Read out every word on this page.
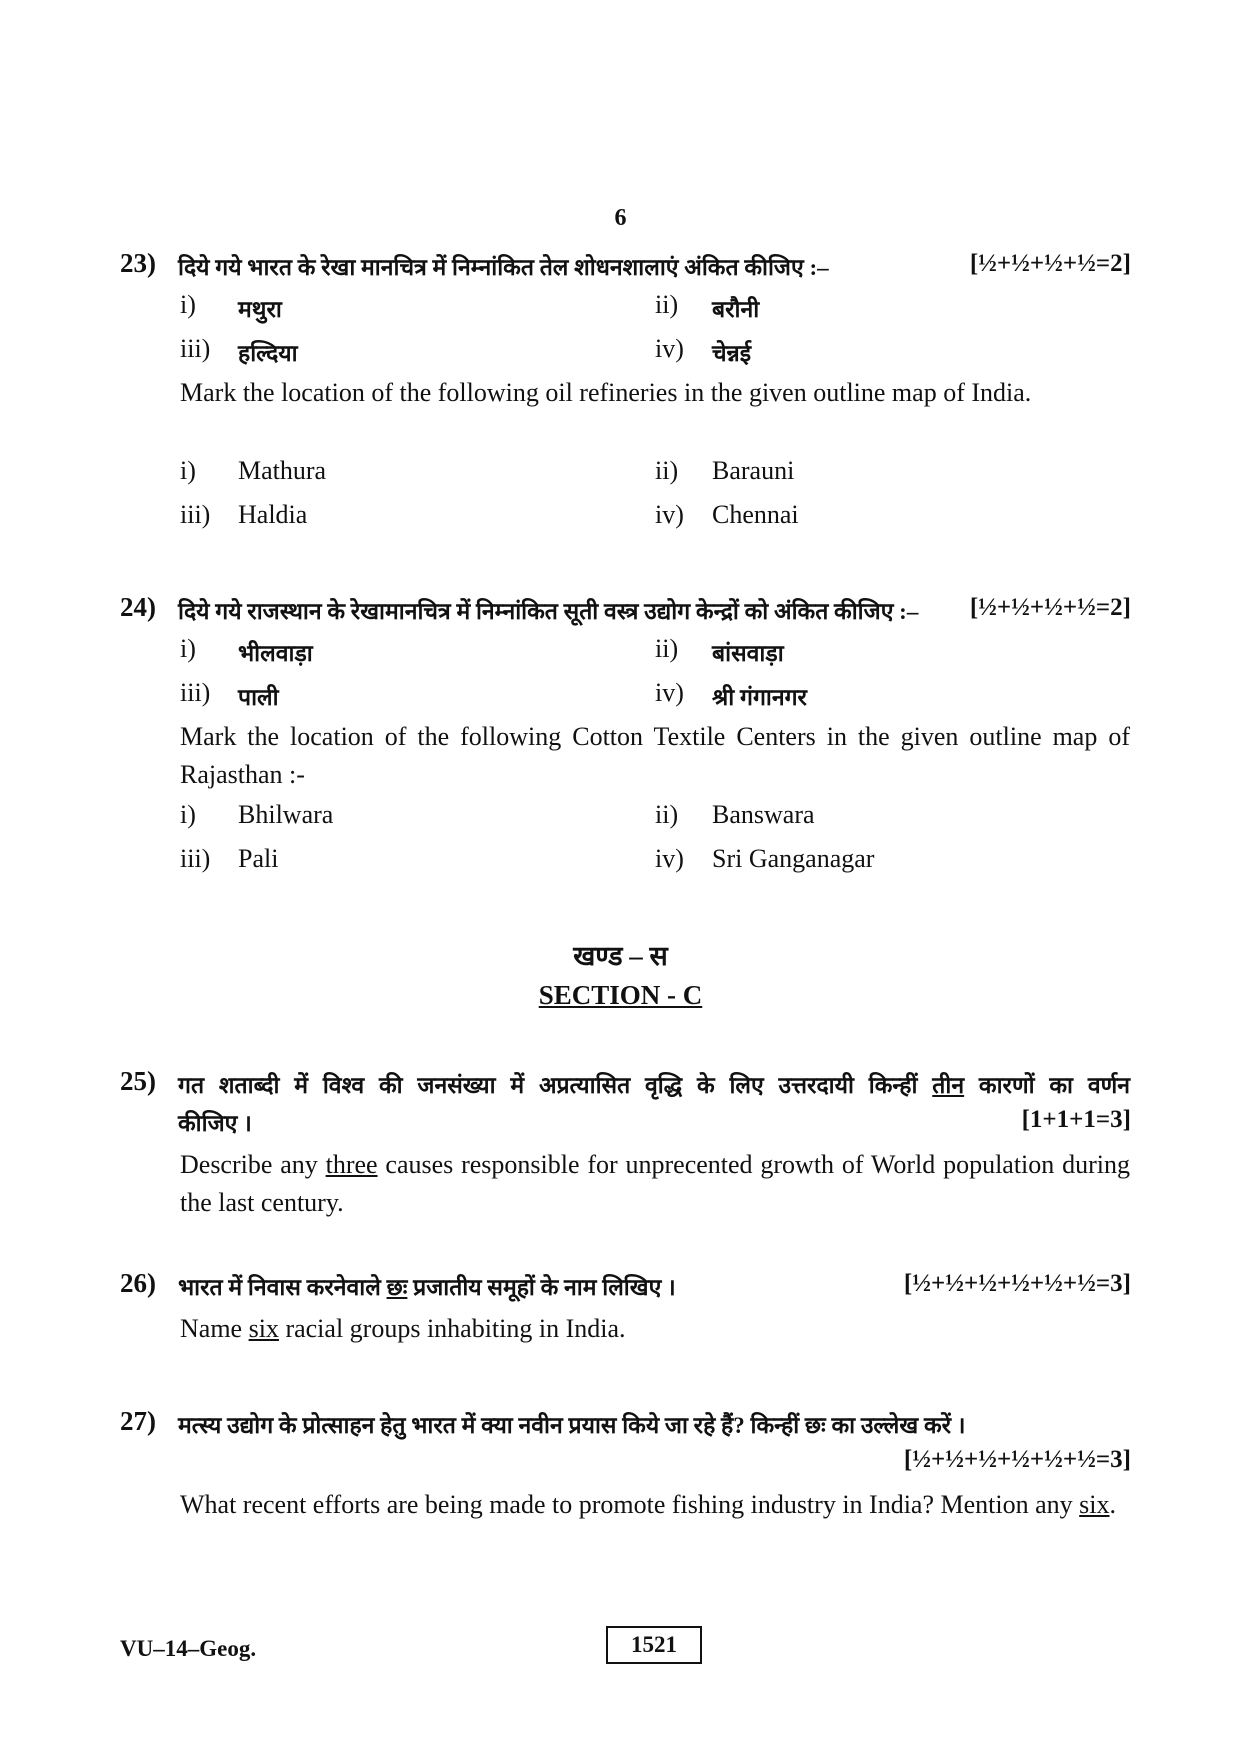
6
23) दिये गये भारत के रेखा मानचित्र में निम्नांकित तेल शोधनशालाएं अंकित कीजिए :–	[½+½+½+½=2]
i) मथुरा	ii) बरौनी
iii) हल्दिया	iv) चेन्नई
Mark the location of the following oil refineries in the given outline map of India.
i) Mathura	ii) Barauni
iii) Haldia	iv) Chennai
24) दिये गये राजस्थान के रेखामानचित्र में निम्नांकित सूती वस्त्र उद्योग केन्द्रों को अंकित कीजिए :–	[½+½+½+½=2]
i) भीलवाड़ा	ii) बांसवाड़ा
iii) पाली	iv) श्री गंगानगर
Mark the location of the following Cotton Textile Centers in the given outline map of Rajasthan :-
i) Bhilwara	ii) Banswara
iii) Pali	iv) Sri Ganganagar
खण्ड – स
SECTION - C
25) गत शताब्दी में विश्व की जनसंख्या में अप्रत्यासित वृद्धि के लिए उत्तरदायी किन्हीं तीन कारणों का वर्णन
कीजिए ।	[1+1+1=3]
Describe any three causes responsible for unprecented growth of World population during the last century.
26) भारत में निवास करनेवाले छः प्रजातीय समूहों के नाम लिखिए ।	[½+½+½+½+½+½=3]
Name six racial groups inhabiting in India.
27) मत्स्य उद्योग के प्रोत्साहन हेतु भारत में क्या नवीन प्रयास किये जा रहे हैं? किन्हीं छः का उल्लेख करें ।
[½+½+½+½+½+½=3]
What recent efforts are being made to promote fishing industry in India? Mention any six.
VU–14–Geog.	1521
